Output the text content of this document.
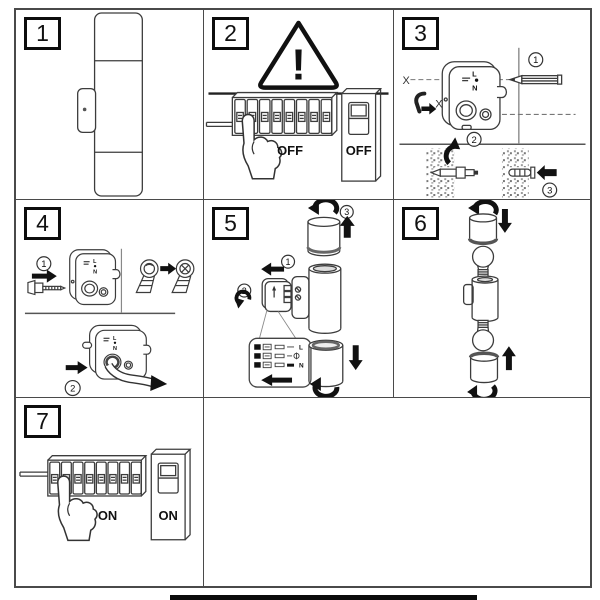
1	2
!
OFF	OFF
3
X
L
N
X
1
2
3
4
1	L
N
L
N
2
5	3
1
2
L
N
6
7
ON	ON
